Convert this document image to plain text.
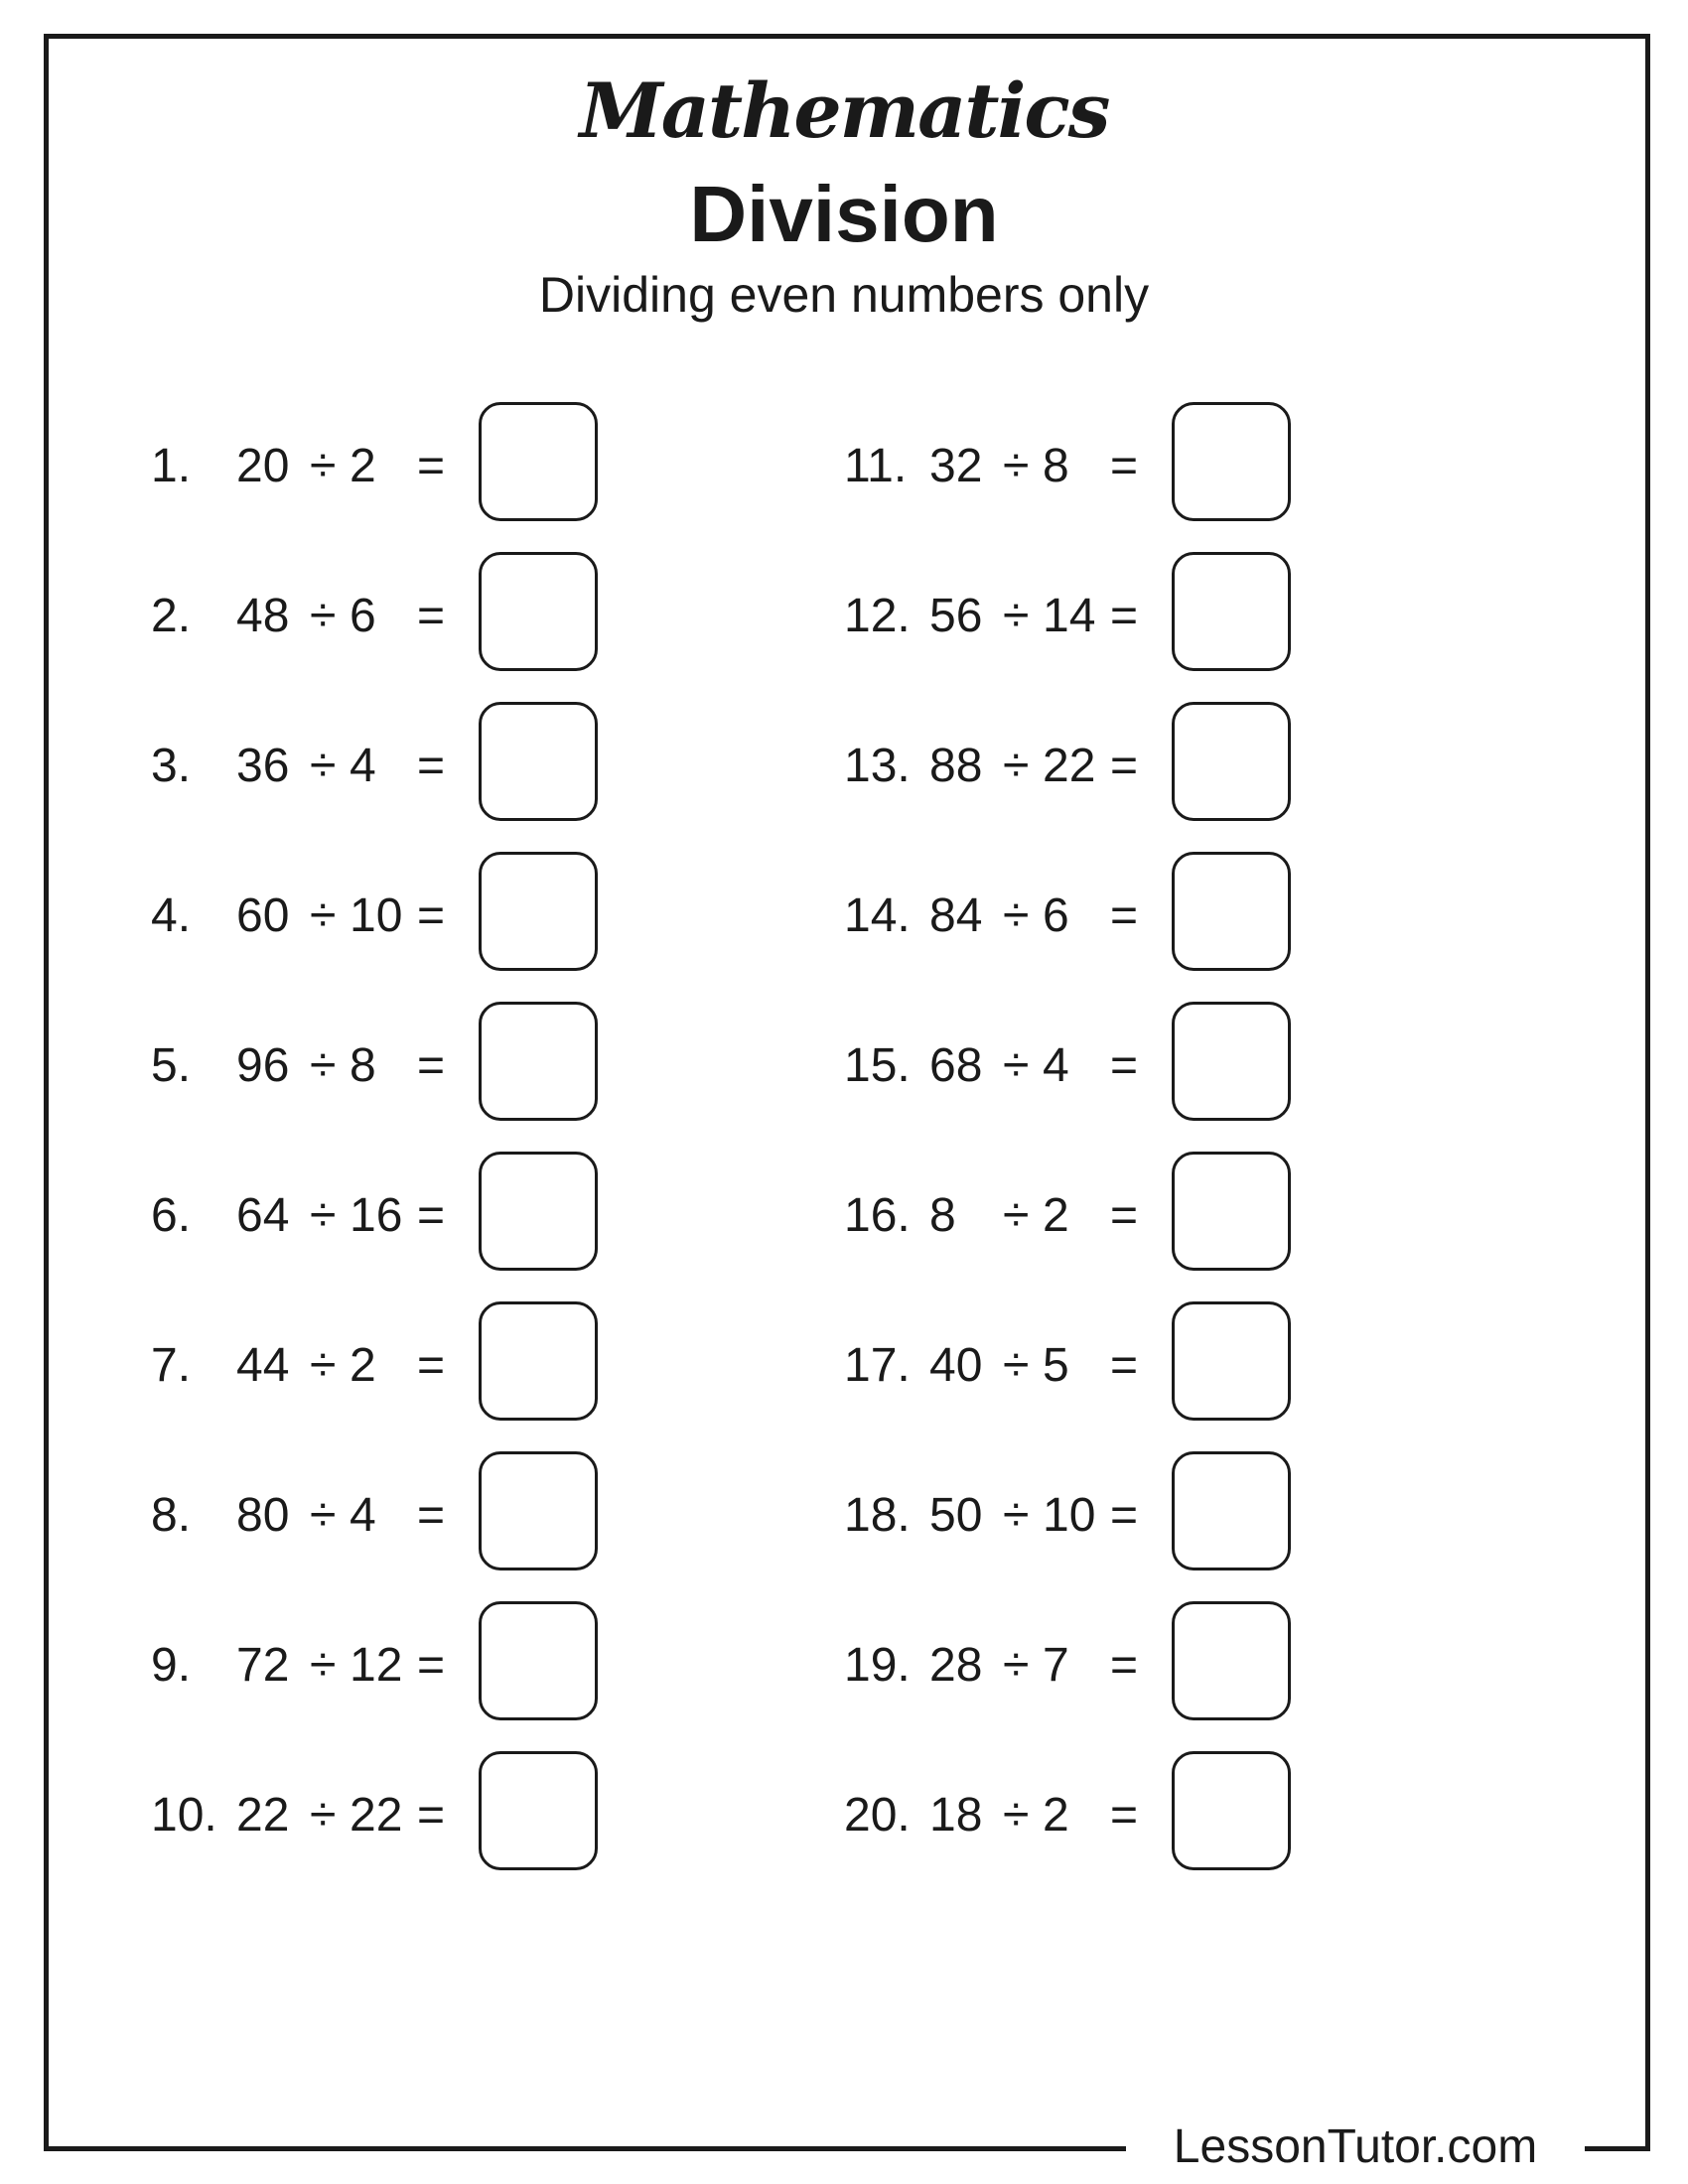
Mathematics
Division
Dividing even numbers only
1. 20 ÷ 2 =
2. 48 ÷ 6 =
3. 36 ÷ 4 =
4. 60 ÷ 10 =
5. 96 ÷ 8 =
6. 64 ÷ 16 =
7. 44 ÷ 2 =
8. 80 ÷ 4 =
9. 72 ÷ 12 =
10. 22 ÷ 22 =
11. 32 ÷ 8 =
12. 56 ÷ 14 =
13. 88 ÷ 22 =
14. 84 ÷ 6 =
15. 68 ÷ 4 =
16. 8 ÷ 2 =
17. 40 ÷ 5 =
18. 50 ÷ 10 =
19. 28 ÷ 7 =
20. 18 ÷ 2 =
LessonTutor.com
